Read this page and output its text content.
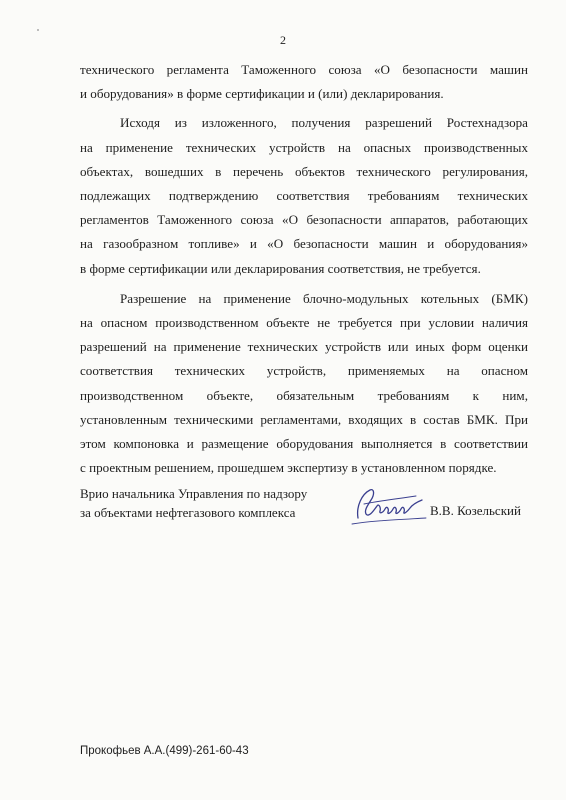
2

технического регламента Таможенного союза «О безопасности машин

и оборудования» в форме сертификации и (или) декларирования.

Исходя из изложенного, получения разрешений Ростехнадзора

на применение технических устройств на опасных производственных

объектах, вошедших в перечень объектов технического регулирования,

подлежащих подтверждению соответствия требованиям технических

регламентов Таможенного союза «О безопасности аппаратов, работающих

на газообразном топливе» и «О безопасности машин и оборудования»

в форме сертификации или декларирования соответствия, не требуется.

Разрешение на применение блочно-модульных котельных (БМК)

на опасном производственном объекте не требуется при условии наличия

разрешений на применение технических устройств или иных форм оценки

соответствия технических устройств, применяемых на опасном

производственном объекте, обязательным требованиям к ним,

установленным техническими регламентами, входящих в состав БМК. При

этом компоновка и размещение оборудования выполняется в соответствии

с проектным решением, прошедшем экспертизу в установленном порядке.

Врио начальника Управления по надзору
за объектами нефтегазового комплекса	В.В. Козельский
Прокофьев А.А.(499)-261-60-43
